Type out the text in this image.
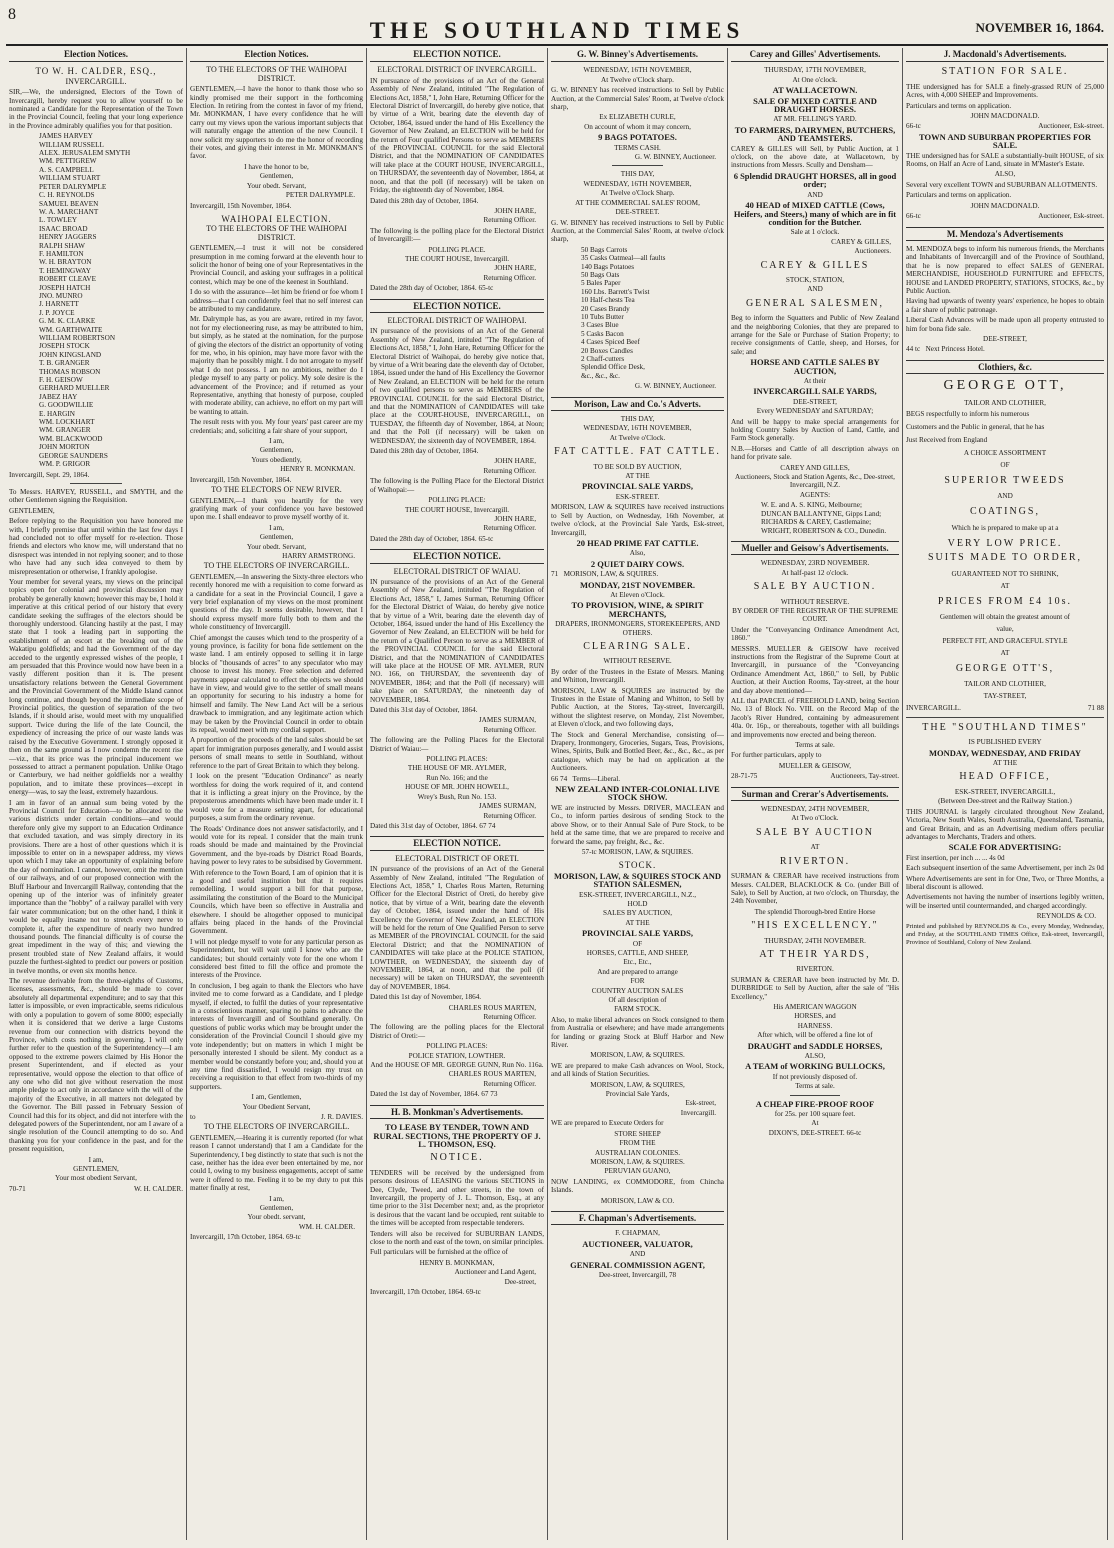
8
THE SOUTHLAND TIMES	NOVEMBER 16, 1864.
Election Notices.
TO W. H. CALDER, ESQ.,
INVERCARGILL.
SIR,—We, the undersigned, Electors of the Town of Invercargill, hereby request you to allow yourself to be nominated a Candidate for the Representation of the Town in the Provincial Council, feeling that your long experience in the Province admirably qualifies you for that position.
JAMES HARVEY
WILLIAM RUSSELL
ALEX. JERUSALEM SMYTH
WM. PETTIGREW
A. S. CAMPBELL
WILLIAM STUART
PETER DALRYMPLE
C. H. REYNOLDS
SAMUEL BEAVEN
W. A. MARCHANT
L. TOWLEY
ISAAC BROAD
HENRY JAGGERS
RALPH SHAW
F. HAMILTON
W. H. BRAYTON
T. HEMINGWAY
ROBERT CLEAVE
JOSEPH HATCH
JNO. MUNRO
J. HARNETT
J. P. JOYCE
G. M. K. CLARKE
WM. GARTHWAITE
WILLIAM ROBERTSON
JOSEPH STOCK
JOHN KINGSLAND
T. B. GRANGER
THOMAS ROBSON
F. H. GEISOW
GERHARD MUELLER
JABEZ HAY
G. GOODWILLIE
E. HARGIN
WM. LOCKHART
WM. GRANGER
WM. BLACKWOOD
JOHN MORTON
GEORGE SAUNDERS
WM. P. GRIGOR
Invercargill, Sept. 29, 1864.
To Messrs. HARVEY, RUSSELL, and SMYTH, and the other Gentlemen signing the Requisition.
GENTLEMEN,
Before replying to the Requisition you have honored me with, I briefly premise that until within the last few days I had concluded not to offer myself for re-election. Those friends and electors who know me, will understand that no disrespect was intended in not replying sooner; and to those who have had any such idea conveyed to them by misrepresentation or otherwise, I frankly apologise.
Your member for several years, my views on the principal topics open for colonial and provincial discussion may probably be generally known; however this may be, I hold it imperative at this critical period of our history that every candidate seeking the suffrages of the electors should be thoroughly understood. Glancing hastily at the past, I may state that I took a leading part in supporting the establishment of an escort at the breaking out of the Wakatipu goldfields; and had the Government of the day acceded to the urgently expressed wishes of the people, I am persuaded that this Province would now have been in a vastly different position than it is. The present unsatisfactory relations between the General Government and the Provincial Government of the Middle Island cannot long continue, and though beyond the immediate scope of Provincial politics, the question of separation of the two Islands, if it should arise, would meet with my unqualified support. Twice during the life of the late Council, the expediency of increasing the price of our waste lands was raised by the Executive Government. I strongly opposed it then on the same ground as I now condemn the recent rise—viz., that its price was the principal inducement we possessed to attract a permanent population. Unlike Otago or Canterbury, we had neither goldfields nor a wealthy population, and to imitate these provinces—except in energy—was, to say the least, extremely hazardous.
I am in favor of an annual sum being voted by the Provincial Council for Education—to be allocated to the various districts under certain conditions—and would therefore only give my support to an Education Ordinance that excluded taxation, and was simply directory in its provisions. There are a host of other questions which it is impossible to enter on in a newspaper address, my views upon which I may take an opportunity of explaining before the day of nomination. I cannot, however, omit the mention of our railways, and of our proposed connection with the Bluff Harbour and Invercargill Railway, contending that the opening up of the interior was of infinitely greater importance than the "hobby" of a railway parallel with very fair water communication; but on the other hand, I think it would be equally insane not to stretch every nerve to complete it, after the expenditure of nearly two hundred thousand pounds. The financial difficulty is of course the great impediment in the way of this; and viewing the present troubled state of New Zealand affairs, it would puzzle the furthest-sighted to predict our powers or position in twelve months, or even six months hence.
The revenue derivable from the three-eighths of Customs, licenses, assessments, &c., should be made to cover absolutely all departmental expenditure; and to say that this latter is impossible, or even impracticable, seems ridiculous with only a population to govern of some 8000; especially when it is considered that we derive a large Customs revenue from our connection with districts beyond the Province, which costs nothing in governing. I will only further refer to the question of the Superintendency—I am opposed to the extreme powers claimed by His Honor the present Superintendent, and if elected as your representative, would oppose the election to that office of any one who did not give without reservation the most ample pledge to act only in accordance with the will of the majority of the Executive, in all matters not delegated by the Governor. The Bill passed in February Session of Council had this for its object, and did not interfere with the delegated powers of the Superintendent, nor am I aware of a single resolution of the Council attempting to do so. And thanking you for your confidence in the past, and for the present requisition,
I am,
GENTLEMEN,
Your most obedient Servant,
70-71	W. H. CALDER.
Election Notices.
TO THE ELECTORS OF THE WAIHOPAI DISTRICT.
GENTLEMEN,—I have the honor to thank those who so kindly promised me their support in the forthcoming Election. In retiring from the contest in favor of my friend, Mr. MONKMAN, I have every confidence that he will carry out my views upon the various important subjects that will naturally engage the attention of the new Council. I now solicit my supporters to do me the honor of recording their votes, and giving their interest in Mr. MONKMAN'S favor.
I have the honor to be,
Gentlemen,
Your obedt. Servant,
PETER DALRYMPLE.
Invercargill, 15th November, 1864.
WAIHOPAI ELECTION.
TO THE ELECTORS OF THE WAIHOPAI DISTRICT.
GENTLEMEN,—I trust it will not be considered presumption in me coming forward at the eleventh hour to solicit the honor of being one of your Representatives in the Provincial Council, and asking your suffrages in a political contest, which may be one of the keenest in Southland.
I do so with the assurance—let him be friend or foe whom I address—that I can confidently feel that no self interest can be attributed to my candidature.
Mr. Dalrymple has, as you are aware, retired in my favor, not for my electioneering ruse, as may be attributed to him, but simply, as he stated at the nomination, for the purpose of giving the electors of the district an opportunity of voting for me, who, in his opinion, may have more favor with the majority than he possibly might. I do not arrogate to myself what I do not possess. I am no ambitious, neither do I pledge myself to any party or policy. My sole desire is the advancement of the Province; and if returned as your Representative, anything that honesty of purpose, coupled with moderate ability, can achieve, no effort on my part will be wanting to attain.
The result rests with you. My four years' past career are my credentials; and, soliciting a fair share of your support,
I am,
Gentlemen,
Yours obediently,
HENRY R. MONKMAN.
Invercargill, 15th November, 1864.
TO THE ELECTORS OF NEW RIVER.
GENTLEMEN,—I thank you heartily for the very gratifying mark of your confidence you have bestowed upon me. I shall endeavor to prove myself worthy of it.
I am,
Gentlemen,
Your obedt. Servant,
HARRY ARMSTRONG.
TO THE ELECTORS OF INVERCARGILL.
GENTLEMEN,—In answering the Sixty-three electors who recently honored me with a requisition to come forward as a candidate for a seat in the Provincial Council, I gave a very brief explanation of my views on the most prominent questions of the day. It seems desirable, however, that I should express myself more fully both to them and the whole constituency of Invercargill.
Chief amongst the causes which tend to the prosperity of a young province, is facility for bona fide settlement on the waste land. I am entirely opposed to selling it in large blocks of "thousands of acres" to any speculator who may choose to invest his money. Free selection and deferred payments appear calculated to effect the objects we should have in view, and would give to the settler of small means an opportunity for securing to his industry a home for himself and family. The New Land Act will be a serious drawback to immigration, and any legitimate action which may be taken by the Provincial Council in order to obtain its repeal, would meet with my cordial support.
A proportion of the proceeds of the land sales should be set apart for immigration purposes generally, and I would assist persons of small means to settle in Southland, without reference to the part of Great Britain to which they belong.
I look on the present "Education Ordinance" as nearly worthless for doing the work required of it, and contend that it is inflicting a great injury on the Province, by the preposterous amendments which have been made under it. I would vote for a measure setting apart, for educational purposes, a sum from the ordinary revenue.
The Roads' Ordinance does not answer satisfactorily, and I would vote for its repeal. I consider that the main trunk roads should be made and maintained by the Provincial Government, and the bye-roads by District Road Boards, having power to levy rates to be subsidised by Government.
With reference to the Town Board, I am of opinion that it is a good and useful institution but that it requires remodelling. I would support a bill for that purpose, assimilating the constitution of the Board to the Municipal Councils, which have been so effective in Australia and elsewhere. I should be altogether opposed to municipal affairs being placed in the hands of the Provincial Government.
I will not pledge myself to vote for any particular person as Superintendent, but will wait until I know who are the candidates; but should certainly vote for the one whom I considered best fitted to fill the office and promote the interests of the Province.
In conclusion, I beg again to thank the Electors who have invited me to come forward as a Candidate, and I pledge myself, if elected, to fulfil the duties of your representative in a conscientious manner, sparing no pains to advance the interests of Invercargill and of Southland generally. On questions of public works which may be brought under the consideration of the Provincial Council I should give my vote independently; but on matters in which I might be personally interested I should be silent. My conduct as a member would be constantly before you; and, should you at any time find dissatisfied, I would resign my trust on receiving a requisition to that effect from two-thirds of my supporters.
I am, Gentlemen,
Your Obedient Servant,
to	J. R. DAVIES.
TO THE ELECTORS OF INVERCARGILL.
GENTLEMEN,—Hearing it is currently reported (for what reason I cannot understand) that I am a Candidate for the Superintendency, I beg distinctly to state that such is not the case, neither has the idea ever been entertained by me, nor could I, owing to my business engagements, accept of same were it offered to me. Feeling it to be my duty to put this matter finally at rest,
I am,
Gentlemen,
Your obedt. servant,
WM. H. CALDER.
Invercargill, 17th October, 1864. 69-tc
ELECTION NOTICE.
ELECTORAL DISTRICT OF INVERCARGILL.
IN pursuance of the provisions of an Act of the General Assembly of New Zealand, intituled "The Regulation of Elections Act, 1858," I, John Hare, Returning Officer for the Electoral District of Invercargill, do hereby give notice, that by virtue of a Writ, bearing date the eleventh day of October, 1864, issued under the hand of His Excellency the Governor of New Zealand, an ELECTION will be held for the return of Four qualified Persons to serve as MEMBERS of the PROVINCIAL COUNCIL for the said Electoral District, and that the NOMINATION OF CANDIDATES will take place at the COURT HOUSE, INVERCARGILL, on THURSDAY, the seventeenth day of November, 1864, at noon, and that the poll (if necessary) will be taken on Friday, the eighteenth day of November, 1864.
Dated this 28th day of October, 1864.
JOHN HARE,
Returning Officer.
The following is the polling place for the Electoral District of Invercargill:—
POLLING PLACE.
THE COURT HOUSE, Invercargill.
JOHN HARE,
Returning Officer.
Dated the 28th day of October, 1864. 65-tc
ELECTION NOTICE.
ELECTORAL DISTRICT OF WAIHOPAI.
IN pursuance of the provisions of an Act of the General Assembly of New Zealand, intituled "The Regulation of Elections Act, 1858," I, John Hare, Returning Officer for the Electoral District of Waihopai, do hereby give notice that, by virtue of a Writ bearing date the eleventh day of October, 1864, issued under the hand of His Excellency the Governor of New Zealand, an ELECTION will be held for the return of two qualified persons to serve as MEMBERS of the PROVINCIAL COUNCIL for the said Electoral District, and that the NOMINATION of CANDIDATES will take place at the COURT-HOUSE, INVERCARGILL, on TUESDAY, the fifteenth day of November, 1864, at Noon; and that the Poll (if necessary) will be taken on WEDNESDAY, the sixteenth day of NOVEMBER, 1864.
Dated this 28th day of October, 1864.
JOHN HARE,
Returning Officer.
The following is the Polling Place for the Electoral District of Waihopai:—
POLLING PLACE:
THE COURT HOUSE, Invercargill.
JOHN HARE,
Returning Officer.
Dated the 28th day of October, 1864. 65-tc
ELECTION NOTICE.
ELECTORAL DISTRICT OF WAIAU.
IN pursuance of the provisions of an Act of the General Assembly of New Zealand, intituled "The Regulation of Elections Act, 1858," I, James Surman, Returning Officer for the Electoral District of Waiau, do hereby give notice that by virtue of a Writ, bearing date the eleventh day of October, 1864, issued under the hand of His Excellency the Governor of New Zealand, an ELECTION will be held for the return of a Qualified Person to serve as a MEMBER of the PROVINCIAL COUNCIL for the said Electoral District, and that the NOMINATION of CANDIDATES will take place at the HOUSE OF MR. AYLMER, RUN NO. 166, on THURSDAY, the seventeenth day of NOVEMBER, 1864; and that the Poll (if necessary) will take place on SATURDAY, the nineteenth day of NOVEMBER, 1864.
Dated this 31st day of October, 1864.
JAMES SURMAN,
Returning Officer.
The following are the Polling Places for the Electoral District of Waiau:—
POLLING PLACES:
THE HOUSE OF MR. AYLMER,
Run No. 166; and the
HOUSE OF MR. JOHN HOWELL,
Wrey's Bush, Run No. 153.
JAMES SURMAN,
Returning Officer.
Dated this 31st day of October, 1864. 67 74
ELECTION NOTICE.
ELECTORAL DISTRICT OF ORETI.
IN pursuance of the provisions of an Act of the General Assembly of New Zealand, intituled "The Regulation of Elections Act, 1858," I, Charles Rous Marten, Returning Officer for the Electoral District of Oreti, do hereby give notice, that by virtue of a Writ, bearing date the eleventh day of October, 1864, issued under the hand of His Excellency the Governor of New Zealand, an ELECTION will be held for the return of One Qualified Person to serve as MEMBER of the PROVINCIAL COUNCIL for the said Electoral District; and that the NOMINATION of CANDIDATES will take place at the POLICE STATION, LOWTHER, on WEDNESDAY, the sixteenth day of NOVEMBER, 1864, at noon, and that the poll (if necessary) will be taken on THURSDAY, the seventeenth day of NOVEMBER, 1864.
Dated this 1st day of November, 1864.
CHARLES ROUS MARTEN,
Returning Officer.
The following are the polling places for the Electoral District of Oreti:—
POLLING PLACES:
POLICE STATION, LOWTHER.
And the HOUSE OF MR. GEORGE GUNN, Run No. 116a.
CHARLES ROUS MARTEN,
Returning Officer.
Dated the 1st day of November, 1864. 67 73
H. B. Monkman's Advertisements.
TO LEASE BY TENDER, TOWN AND RURAL SECTIONS, THE PROPERTY OF J. L. THOMSON, ESQ.
NOTICE.
TENDERS will be received by the undersigned from persons desirous of LEASING the various SECTIONS in Dee, Clyde, Tweed, and other streets, in the town of Invercargill, the property of J. L. Thomson, Esq., at any time prior to the 31st December next; and, as the proprietor is desirous that the vacant land be occupied, rent suitable to the times will be accepted from respectable tenderers.
Tenders will also be received for SUBURBAN LANDS, close to the north and east of the town, on similar principles.
Full particulars will be furnished at the office of
HENRY B. MONKMAN,
Auctioneer and Land Agent,
Dee-street,
Invercargill, 17th October, 1864. 69-tc
G. W. Binney's Advertisements.
WEDNESDAY, 16TH NOVEMBER,
At Twelve o'Clock sharp.
G. W. BINNEY has received instructions to Sell by Public Auction, at the Commercial Sales' Room, at Twelve o'clock sharp,
Ex ELIZABETH CURLE,
On account of whom it may concern,
9 BAGS POTATOES.
TERMS CASH.
G. W. BINNEY, Auctioneer.
THIS DAY,
WEDNESDAY, 16TH NOVEMBER,
At Twelve o'Clock Sharp.
AT THE COMMERCIAL SALES' ROOM,
DEE-STREET.
G. W. BINNEY has received instructions to Sell by Public Auction, at the Commercial Sales' Room, at twelve o'clock sharp,
50 Bags Carrots
35 Casks Oatmeal—all faults
140 Bags Potatoes
50 Bags Oats
5 Bales Paper
160 Lbs. Barrett's Twist
10 Half-chests Tea
20 Cases Brandy
10 Tubs Butter
3 Cases Blue
5 Casks Bacon
4 Cases Spiced Beef
20 Boxes Candles
2 Chaff-cutters
Splendid Office Desk,
&c., &c., &c.
G. W. BINNEY, Auctioneer.
Morison, Law and Co.'s Adverts.
THIS DAY,
WEDNESDAY, 16TH NOVEMBER,
At Twelve o'Clock.
FAT CATTLE. FAT CATTLE.
TO BE SOLD BY AUCTION,
AT THE
PROVINCIAL SALE YARDS,
ESK-STREET.
MORISON, LAW & SQUIRES have received instructions to Sell by Auction, on Wednesday, 16th November, at twelve o'clock, at the Provincial Sale Yards, Esk-street, Invercargill,
20 HEAD PRIME FAT CATTLE.
Also,
2 QUIET DAIRY COWS.
71 MORISON, LAW, & SQUIRES.
MONDAY, 21ST NOVEMBER.
At Eleven o'Clock.
TO PROVISION, WINE, & SPIRIT MERCHANTS,
DRAPERS, IRONMONGERS, STOREKEEPERS, AND OTHERS.
CLEARING SALE.
WITHOUT RESERVE.
By order of the Trustees in the Estate of Messrs. Maning and Whitton, Invercargill.
MORISON, LAW & SQUIRES are instructed by the Trustees in the Estate of Maning and Whitton, to Sell by Public Auction, at the Stores, Tay-street, Invercargill, without the slightest reserve, on Monday, 21st November, at Eleven o'clock, and two following days,
The Stock and General Merchandise, consisting of—Drapery, Ironmongery, Groceries, Sugars, Teas, Provisions, Wines, Spirits, Bulk and Bottled Beer, &c., &c., &c., as per catalogue, which may be had on application at the Auctioneers.
66 74 Terms—Liberal.
NEW ZEALAND INTER-COLONIAL LIVE STOCK SHOW.
WE are instructed by Messrs. DRIVER, MACLEAN and Co., to inform parties desirous of sending Stock to the above Show, or to their Annual Sale of Pure Stock, to be held at the same time, that we are prepared to receive and forward the same, pay freight, &c., &c.
57-tc MORISON, LAW, & SQUIRES.
STOCK.
MORISON, LAW, & SQUIRES STOCK AND STATION SALESMEN,
ESK-STREET, INVERCARGILL, N.Z.,
HOLD
SALES BY AUCTION,
AT THE
PROVINCIAL SALE YARDS,
OF
HORSES, CATTLE, AND SHEEP,
Etc., Etc.,
And are prepared to arrange
FOR
COUNTRY AUCTION SALES
Of all description of
FARM STOCK.
Also, to make liberal advances on Stock consigned to them from Australia or elsewhere; and have made arrangements for landing or grazing Stock at Bluff Harbor and New River.
MORISON, LAW, & SQUIRES.
WE are prepared to make Cash advances on Wool, Stock, and all kinds of Station Securities.
MORISON, LAW, & SQUIRES,
Provincial Sale Yards,
Esk-street,
Invercargill.
WE are prepared to Execute Orders for
STORE SHEEP
FROM THE
AUSTRALIAN COLONIES.
MORISON, LAW, & SQUIRES.
PERUVIAN GUANO,
NOW LANDING, ex COMMODORE, from Chincha Islands.
MORISON, LAW & CO.
F. Chapman's Advertisements.
F. CHAPMAN,
AUCTIONEER, VALUATOR,
AND
GENERAL COMMISSION AGENT,
Dee-street, Invercargill, 78
Carey and Gilles' Advertisements.
THURSDAY, 17TH NOVEMBER,
At One o'clock.
AT WALLACETOWN.
SALE OF MIXED CATTLE AND DRAUGHT HORSES.
AT MR. FELLING'S YARD.
TO FARMERS, DAIRYMEN, BUTCHERS, AND TEAMSTERS.
CAREY & GILLES will Sell, by Public Auction, at 1 o'clock, on the above date, at Wallacetown, by instructions from Messrs. Scully and Densham—
6 Splendid DRAUGHT HORSES, all in good order;
AND
40 HEAD of MIXED CATTLE (Cows, Heifers, and Steers,) many of which are in fit condition for the Butcher.
Sale at 1 o'clock.
CAREY & GILLES,
Auctioneers.
CAREY & GILLES
STOCK, STATION,
AND
GENERAL SALESMEN,
Beg to inform the Squatters and Public of New Zealand and the neighboring Colonies, that they are prepared to arrange for the Sale or Purchase of Station Property; to receive consignments of Cattle, sheep, and Horses, for sale; and
HORSE AND CATTLE SALES BY AUCTION,
At their
INVERCARGILL SALE YARDS,
DEE-STREET,
Every WEDNESDAY and SATURDAY;
And will be happy to make special arrangements for holding Country Sales by Auction of Land, Cattle, and Farm Stock generally.
N.B.—Horses and Cattle of all description always on hand for private sale.
CAREY AND GILLES,
Auctioneers, Stock and Station Agents, &c., Dee-street, Invercargill, N.Z.
AGENTS:
W. E. and A. S. KING, Melbourne;
DUNCAN BALLANTYNE, Gipps Land;
RICHARDS & CAREY, Castlemaine;
WRIGHT, ROBERTSON & CO., Dunedin.
Mueller and Geisow's Advertisements.
WEDNESDAY, 23RD NOVEMBER.
At half-past 12 o'clock.
SALE BY AUCTION.
WITHOUT RESERVE.
BY ORDER OF THE REGISTRAR OF THE SUPREME COURT.
Under the "Conveyancing Ordinance Amendment Act, 1860."
MESSRS. MUELLER & GEISOW have received instructions from the Registrar of the Supreme Court at Invercargill, in pursuance of the "Conveyancing Ordinance Amendment Act, 1860," to Sell, by Public Auction, at their Auction Rooms, Tay-street, at the hour and day above mentioned—
ALL that PARCEL of FREEHOLD LAND, being Section No. 13 of Block No. VIII. on the Record Map of the Jacob's River Hundred, containing by admeasurement 40a. 0r. 16p., or thereabouts, together with all buildings and improvements now erected and being thereon.
Terms at sale.
For further particulars, apply to
MUELLER & GEISOW,
28-71-75	Auctioneers, Tay-street.
Surman and Crerar's Advertisements.
WEDNESDAY, 24TH NOVEMBER,
At Two o'Clock.
SALE BY AUCTION
AT
RIVERTON.
SURMAN & CRERAR have received instructions from Messrs. CALDER, BLACKLOCK & Co. (under Bill of Sale), to Sell by Auction, at two o'clock, on Thursday, the 24th November,
The splendid Thorough-bred Entire Horse
"HIS EXCELLENCY."
THURSDAY, 24TH NOVEMBER.
AT THEIR YARDS,
RIVERTON.
SURMAN & CRERAR have been instructed by Mr. D. DURBRIDGE to Sell by Auction, after the sale of "His Excellency,"
His AMERICAN WAGGON
HORSES, and
HARNESS.
After which, will be offered a fine lot of
DRAUGHT and SADDLE HORSES,
ALSO,
A TEAM of WORKING BULLOCKS,
If not previously disposed of.
Terms at sale.
A CHEAP FIRE-PROOF ROOF
for 25s. per 100 square feet.
At
DIXON'S, DEE-STREET. 66-tc
J. Macdonald's Advertisements.
STATION FOR SALE.
THE undersigned has for SALE a finely-grassed RUN of 25,000 Acres, with 4,000 SHEEP and Improvements.
Particulars and terms on application.
JOHN MACDONALD.
66-tc	Auctioneer, Esk-street.
TOWN AND SUBURBAN PROPERTIES FOR SALE.
THE undersigned has for SALE a substantially-built HOUSE, of six Rooms, on Half an Acre of Land, situate in M'Master's Estate.
ALSO,
Several very excellent TOWN and SUBURBAN ALLOTMENTS.
Particulars and terms on application.
JOHN MACDONALD.
66-tc	Auctioneer, Esk-street.
M. Mendoza's Advertisements
M. MENDOZA begs to inform his numerous friends, the Merchants and Inhabitants of Invercargill and of the Province of Southland, that he is now prepared to effect SALES of GENERAL MERCHANDISE, HOUSEHOLD FURNITURE and EFFECTS, HOUSE and LANDED PROPERTY, STATIONS, STOCKS, &c., by Public Auction.
Having had upwards of twenty years' experience, he hopes to obtain a fair share of public patronage.
Liberal Cash Advances will be made upon all property entrusted to him for bona fide sale.
DEE-STREET,
44 tc Next Princess Hotel.
Clothiers, &c.
GEORGE OTT,
TAILOR AND CLOTHIER,
BEGS respectfully to inform his numerous
Customers and the Public in general, that he has
Just Received from England
A CHOICE ASSORTMENT
OF
SUPERIOR TWEEDS
AND
COATINGS,
Which he is prepared to make up at a
VERY LOW PRICE.
SUITS MADE TO ORDER,
GUARANTEED NOT TO SHRINK,
AT
PRICES FROM £4 10s.
Gentlemen will obtain the greatest amount of
value,
PERFECT FIT, AND GRACEFUL STYLE
AT
GEORGE OTT'S,
TAILOR AND CLOTHIER,
TAY-STREET,
INVERCARGILL.	71 88
THE "SOUTHLAND TIMES"
IS PUBLISHED EVERY
MONDAY, WEDNESDAY, AND FRIDAY
AT THE
HEAD OFFICE,
ESK-STREET, INVERCARGILL,
(Between Dee-street and the Railway Station.)
THIS JOURNAL is largely circulated throughout New Zealand, Victoria, New South Wales, South Australia, Queensland, Tasmania, and Great Britain, and as an Advertising medium offers peculiar advantages to Merchants, Traders and others.
SCALE FOR ADVERTISING:
First insertion, per inch ... ... 4s 0d
Each subsequent insertion of the same Advertisement, per inch 2s 0d
Where Advertisements are sent in for One, Two, or Three Months, a liberal discount is allowed.
Advertisements not having the number of insertions legibly written, will be inserted until countermanded, and charged accordingly.
REYNOLDS & CO.
Printed and published by REYNOLDS & Co., every Monday, Wednesday, and Friday, at the SOUTHLAND TIMES Office, Esk-street, Invercargill, Province of Southland, Colony of New Zealand.
